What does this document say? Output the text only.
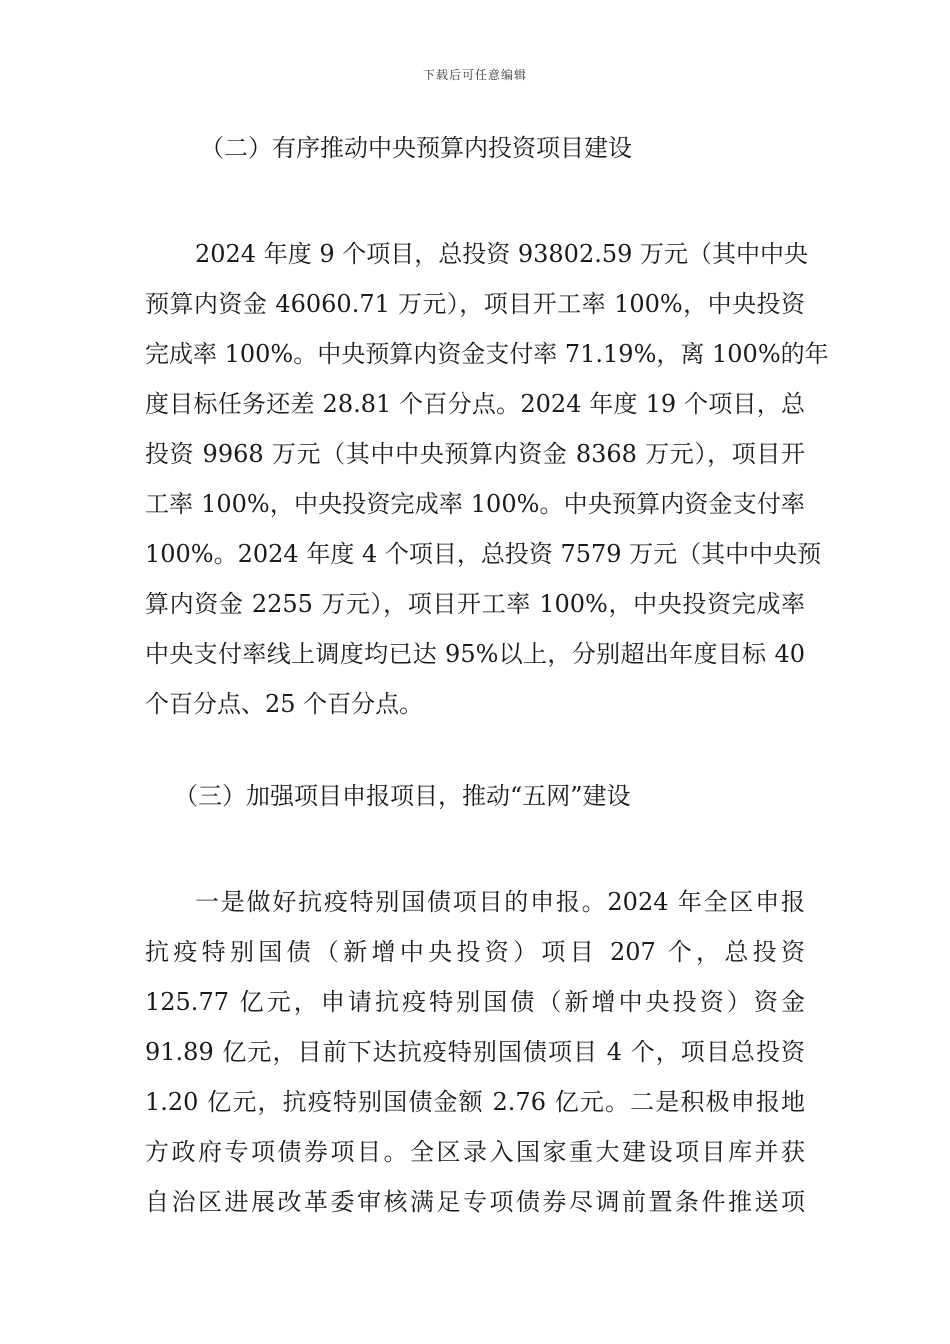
下载后可任意编辑
（二）有序推动中央预算内投资项目建设
2024 年度 9 个项目，总投资 93802.59 万元（其中中央
预算内资金 46060.71 万元），项目开工率 100%，中央投资
完成率 100%。中央预算内资金支付率 71.19%，离 100%的年
度目标任务还差 28.81 个百分点。2024 年度 19 个项目，总
投资 9968 万元（其中中央预算内资金 8368 万元），项目开
工率 100%，中央投资完成率 100%。中央预算内资金支付率
100%。2024 年度 4 个项目，总投资 7579 万元（其中中央预
算内资金 2255 万元），项目开工率 100%，中央投资完成率
中央支付率线上调度均已达 95%以上，分别超出年度目标 40
个百分点、25 个百分点。
（三）加强项目申报项目，推动“五网”建设
一是做好抗疫特别国债项目的申报。2024 年全区申报
抗疫特别国债（新增中央投资）项目 207 个，总投资
125.77 亿元，申请抗疫特别国债（新增中央投资）资金
91.89 亿元，目前下达抗疫特别国债项目 4 个，项目总投资
1.20 亿元，抗疫特别国债金额 2.76 亿元。二是积极申报地
方政府专项债券项目。全区录入国家重大建设项目库并获
自治区进展改革委审核满足专项债券尽调前置条件推送项
